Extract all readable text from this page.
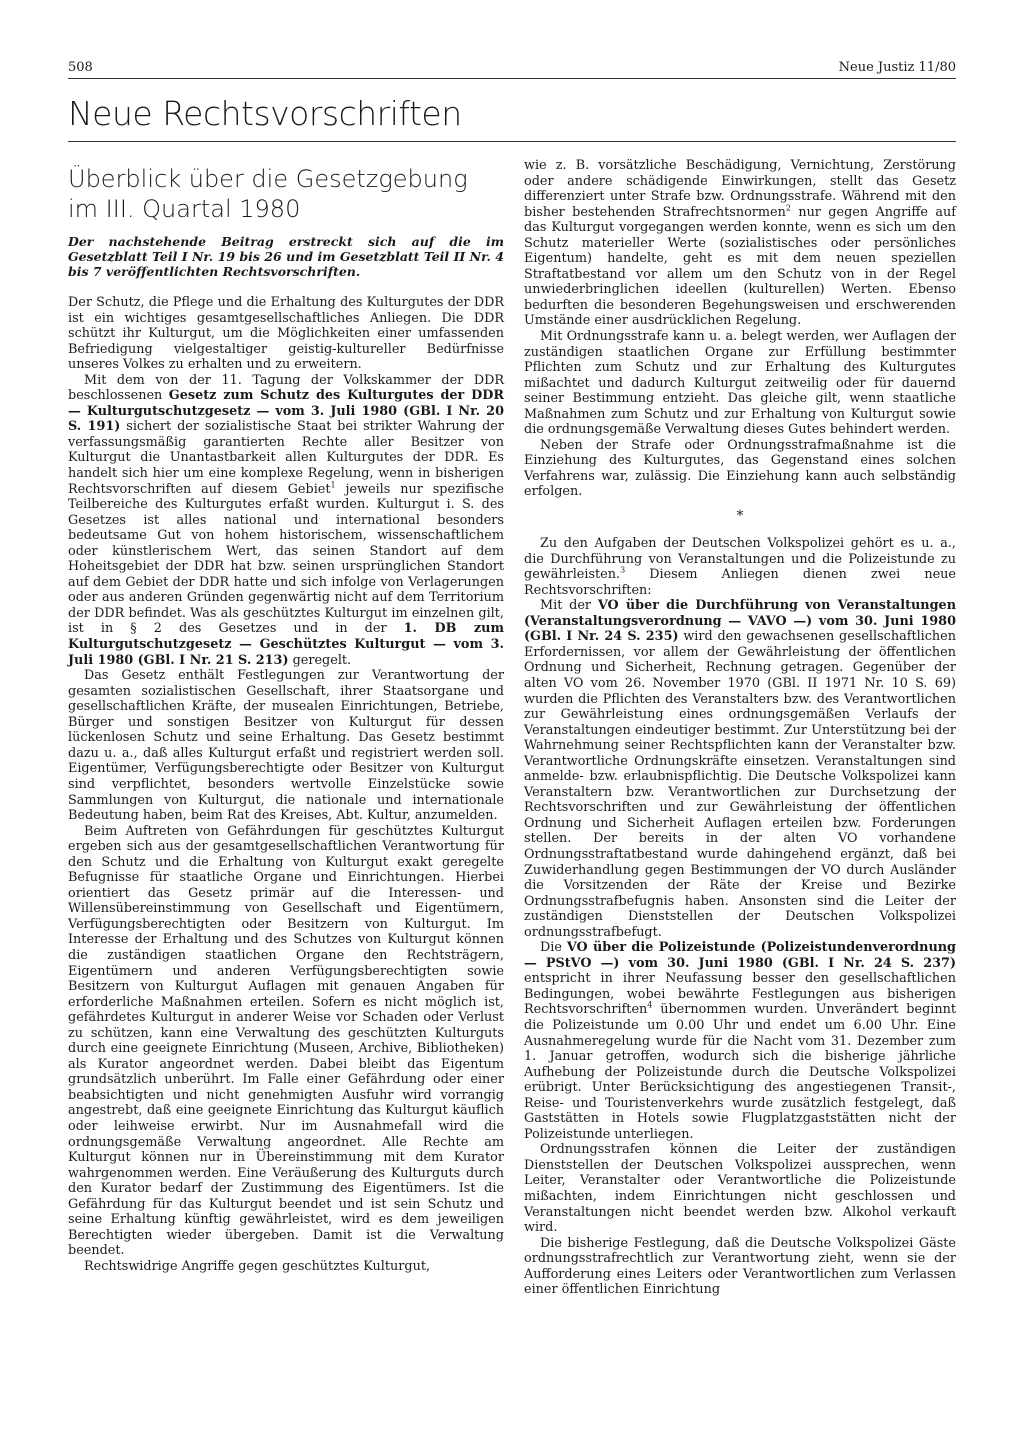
508	Neue Justiz 11/80
Neue Rechtsvorschriften
Überblick über die Gesetzgebung
im III. Quartal 1980

Der nachstehende Beitrag erstreckt sich auf die im Gesetzblatt Teil I Nr. 19 bis 26 und im Gesetzblatt Teil II Nr. 4 bis 7 veröffentlichten Rechtsvorschriften.

Der Schutz, die Pflege und die Erhaltung des Kulturgutes der DDR ist ein wichtiges gesamtgesellschaftliches Anliegen. Die DDR schützt ihr Kulturgut, um die Möglichkeiten einer umfassenden Befriedigung vielgestaltiger geistig-kultureller Bedürfnisse unseres Volkes zu erhalten und zu erweitern.

Mit dem von der 11. Tagung der Volkskammer der DDR beschlossenen Gesetz zum Schutz des Kulturgutes der DDR — Kulturgutschutzgesetz — vom 3. Juli 1980 (GBl. I Nr. 20 S. 191) sichert der sozialistische Staat bei strikter Wahrung der verfassungsmäßig garantierten Rechte aller Besitzer von Kulturgut die Unantastbarkeit allen Kulturgutes der DDR. Es handelt sich hier um eine komplexe Regelung, wenn in bisherigen Rechtsvorschriften auf diesem Gebiet$^1$ jeweils nur spezifische Teilbereiche des Kulturgutes erfaßt wurden. Kulturgut i. S. des Gesetzes ist alles national und international besonders bedeutsame Gut von hohem historischem, wissenschaftlichem oder künstlerischem Wert, das seinen Standort auf dem Hoheitsgebiet der DDR hat bzw. seinen ursprünglichen Standort auf dem Gebiet der DDR hatte und sich infolge von Verlagerungen oder aus anderen Gründen gegenwärtig nicht auf dem Territorium der DDR befindet. Was als geschütztes Kulturgut im einzelnen gilt, ist in § 2 des Gesetzes und in der 1. DB zum Kulturgutschutzgesetz — Geschütztes Kulturgut — vom 3. Juli 1980 (GBl. I Nr. 21 S. 213) geregelt.

Das Gesetz enthält Festlegungen zur Verantwortung der gesamten sozialistischen Gesellschaft, ihrer Staatsorgane und gesellschaftlichen Kräfte, der musealen Einrichtungen, Betriebe, Bürger und sonstigen Besitzer von Kulturgut für dessen lückenlosen Schutz und seine Erhaltung. Das Gesetz bestimmt dazu u. a., daß alles Kulturgut erfaßt und registriert werden soll. Eigentümer, Verfügungsberechtigte oder Besitzer von Kulturgut sind verpflichtet, besonders wertvolle Einzelstücke sowie Sammlungen von Kulturgut, die nationale und internationale Bedeutung haben, beim Rat des Kreises, Abt. Kultur, anzumelden.

Beim Auftreten von Gefährdungen für geschütztes Kulturgut ergeben sich aus der gesamtgesellschaftlichen Verantwortung für den Schutz und die Erhaltung von Kulturgut exakt geregelte Befugnisse für staatliche Organe und Einrichtungen. Hierbei orientiert das Gesetz primär auf die Interessen- und Willensübereinstimmung von Gesellschaft und Eigentümern, Verfügungsberechtigten oder Besitzern von Kulturgut. Im Interesse der Erhaltung und des Schutzes von Kulturgut können die zuständigen staatlichen Organe den Rechtsträgern, Eigentümern und anderen Verfügungsberechtigten sowie Besitzern von Kulturgut Auflagen mit genauen Angaben für erforderliche Maßnahmen erteilen. Sofern es nicht möglich ist, gefährdetes Kulturgut in anderer Weise vor Schaden oder Verlust zu schützen, kann eine Verwaltung des geschützten Kulturguts durch eine geeignete Einrichtung (Museen, Archive, Bibliotheken) als Kurator angeordnet werden. Dabei bleibt das Eigentum grundsätzlich unberührt. Im Falle einer Gefährdung oder einer beabsichtigten und nicht genehmigten Ausfuhr wird vorrangig angestrebt, daß eine geeignete Einrichtung das Kulturgut käuflich oder leihweise erwirbt. Nur im Ausnahmefall wird die ordnungsgemäße Verwaltung angeordnet. Alle Rechte am Kulturgut können nur in Übereinstimmung mit dem Kurator wahrgenommen werden. Eine Veräußerung des Kulturguts durch den Kurator bedarf der Zustimmung des Eigentümers. Ist die Gefährdung für das Kulturgut beendet und ist sein Schutz und seine Erhaltung künftig gewährleistet, wird es dem jeweiligen Berechtigten wieder übergeben. Damit ist die Verwaltung beendet.

Rechtswidrige Angriffe gegen geschütztes Kulturgut,

wie z. B. vorsätzliche Beschädigung, Vernichtung, Zerstörung oder andere schädigende Einwirkungen, stellt das Gesetz differenziert unter Strafe bzw. Ordnungsstrafe. Während mit den bisher bestehenden Strafrechtsnormen$^2$ nur gegen Angriffe auf das Kulturgut vorgegangen werden konnte, wenn es sich um den Schutz materieller Werte (sozialistisches oder persönliches Eigentum) handelte, geht es mit dem neuen speziellen Straftatbestand vor allem um den Schutz von in der Regel unwiederbringlichen ideellen (kulturellen) Werten. Ebenso bedurften die besonderen Begehungsweisen und erschwerenden Umstände einer ausdrücklichen Regelung.

Mit Ordnungsstrafe kann u. a. belegt werden, wer Auflagen der zuständigen staatlichen Organe zur Erfüllung bestimmter Pflichten zum Schutz und zur Erhaltung des Kulturgutes mißachtet und dadurch Kulturgut zeitweilig oder für dauernd seiner Bestimmung entzieht. Das gleiche gilt, wenn staatliche Maßnahmen zum Schutz und zur Erhaltung von Kulturgut sowie die ordnungsgemäße Verwaltung dieses Gutes behindert werden.

Neben der Strafe oder Ordnungsstrafmaßnahme ist die Einziehung des Kulturgutes, das Gegenstand eines solchen Verfahrens war, zulässig. Die Einziehung kann auch selbständig erfolgen.

*

Zu den Aufgaben der Deutschen Volkspolizei gehört es u. a., die Durchführung von Veranstaltungen und die Polizeistunde zu gewährleisten.$^3$ Diesem Anliegen dienen zwei neue Rechtsvorschriften:

Mit der VO über die Durchführung von Veranstaltungen (Veranstaltungsverordnung — VAVO —) vom 30. Juni 1980 (GBl. I Nr. 24 S. 235) wird den gewachsenen gesellschaftlichen Erfordernissen, vor allem der Gewährleistung der öffentlichen Ordnung und Sicherheit, Rechnung getragen. Gegenüber der alten VO vom 26. November 1970 (GBl. II 1971 Nr. 10 S. 69) wurden die Pflichten des Veranstalters bzw. des Verantwortlichen zur Gewährleistung eines ordnungsgemäßen Verlaufs der Veranstaltungen eindeutiger bestimmt. Zur Unterstützung bei der Wahrnehmung seiner Rechtspflichten kann der Veranstalter bzw. Verantwortliche Ordnungskräfte einsetzen. Veranstaltungen sind anmelde- bzw. erlaubnispflichtig. Die Deutsche Volkspolizei kann Veranstaltern bzw. Verantwortlichen zur Durchsetzung der Rechtsvorschriften und zur Gewährleistung der öffentlichen Ordnung und Sicherheit Auflagen erteilen bzw. Forderungen stellen. Der bereits in der alten VO vorhandene Ordnungsstraftatbestand wurde dahingehend ergänzt, daß bei Zuwiderhandlung gegen Bestimmungen der VO durch Ausländer die Vorsitzenden der Räte der Kreise und Bezirke Ordnungsstrafbefugnis haben. Ansonsten sind die Leiter der zuständigen Dienststellen der Deutschen Volkspolizei ordnungsstrafbefugt.

Die VO über die Polizeistunde (Polizeistundenverordnung — PStVO —) vom 30. Juni 1980 (GBl. I Nr. 24 S. 237) entspricht in ihrer Neufassung besser den gesellschaftlichen Bedingungen, wobei bewährte Festlegungen aus bisherigen Rechtsvorschriften$^4$ übernommen wurden. Unverändert beginnt die Polizeistunde um 0.00 Uhr und endet um 6.00 Uhr. Eine Ausnahmeregelung wurde für die Nacht vom 31. Dezember zum 1. Januar getroffen, wodurch sich die bisherige jährliche Aufhebung der Polizeistunde durch die Deutsche Volkspolizei erübrigt. Unter Berücksichtigung des angestiegenen Transit-, Reise- und Touristenverkehrs wurde zusätzlich festgelegt, daß Gaststätten in Hotels sowie Flugplatzgaststätten nicht der Polizeistunde unterliegen.

Ordnungsstrafen können die Leiter der zuständigen Dienststellen der Deutschen Volkspolizei aussprechen, wenn Leiter, Veranstalter oder Verantwortliche die Polizeistunde mißachten, indem Einrichtungen nicht geschlossen und Veranstaltungen nicht beendet werden bzw. Alkohol verkauft wird.

Die bisherige Festlegung, daß die Deutsche Volkspolizei Gäste ordnungsstrafrechtlich zur Verantwortung zieht, wenn sie der Aufforderung eines Leiters oder Verantwortlichen zum Verlassen einer öffentlichen Einrichtung
